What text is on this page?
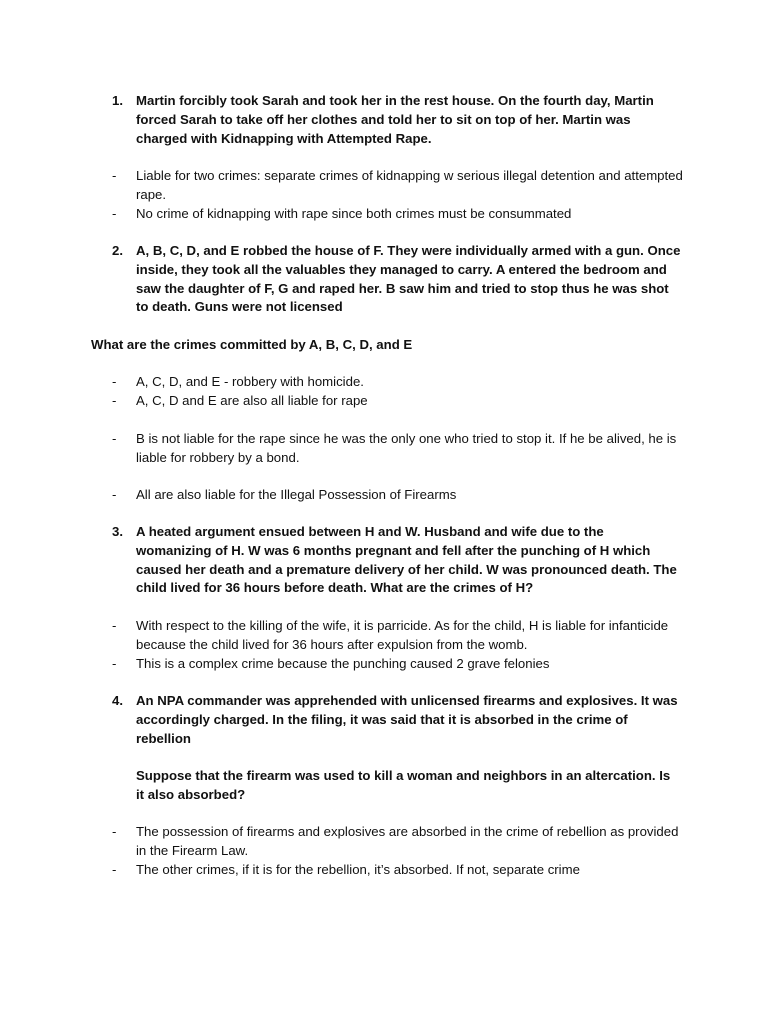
1. Martin forcibly took Sarah and took her in the rest house. On the fourth day, Martin forced Sarah to take off her clothes and told her to sit on top of her. Martin was charged with Kidnapping with Attempted Rape.
- Liable for two crimes: separate crimes of kidnapping w serious illegal detention and attempted rape.
- No crime of kidnapping with rape since both crimes must be consummated
2. A, B, C, D, and E robbed the house of F. They were individually armed with a gun. Once inside, they took all the valuables they managed to carry. A entered the bedroom and saw the daughter of F, G and raped her. B saw him and tried to stop thus he was shot to death. Guns were not licensed
What are the crimes committed by A, B, C, D, and E
- A, C, D, and E - robbery with homicide.
- A, C, D and E are also all liable for rape
- B is not liable for the rape since he was the only one who tried to stop it. If he be alived, he is liable for robbery by a bond.
- All are also liable for the Illegal Possession of Firearms
3. A heated argument ensued between H and W. Husband and wife due to the womanizing of H. W was 6 months pregnant and fell after the punching of H which caused her death and a premature delivery of her child. W was pronounced death. The child lived for 36 hours before death. What are the crimes of H?
- With respect to the killing of the wife, it is parricide. As for the child, H is liable for infanticide because the child lived for 36 hours after expulsion from the womb.
- This is a complex crime because the punching caused 2 grave felonies
4. An NPA commander was apprehended with unlicensed firearms and explosives. It was accordingly charged. In the filing, it was said that it is absorbed in the crime of rebellion
Suppose that the firearm was used to kill a woman and neighbors in an altercation. Is it also absorbed?
- The possession of firearms and explosives are absorbed in the crime of rebellion as provided in the Firearm Law.
- The other crimes, if it is for the rebellion, it’s absorbed. If not, separate crime
